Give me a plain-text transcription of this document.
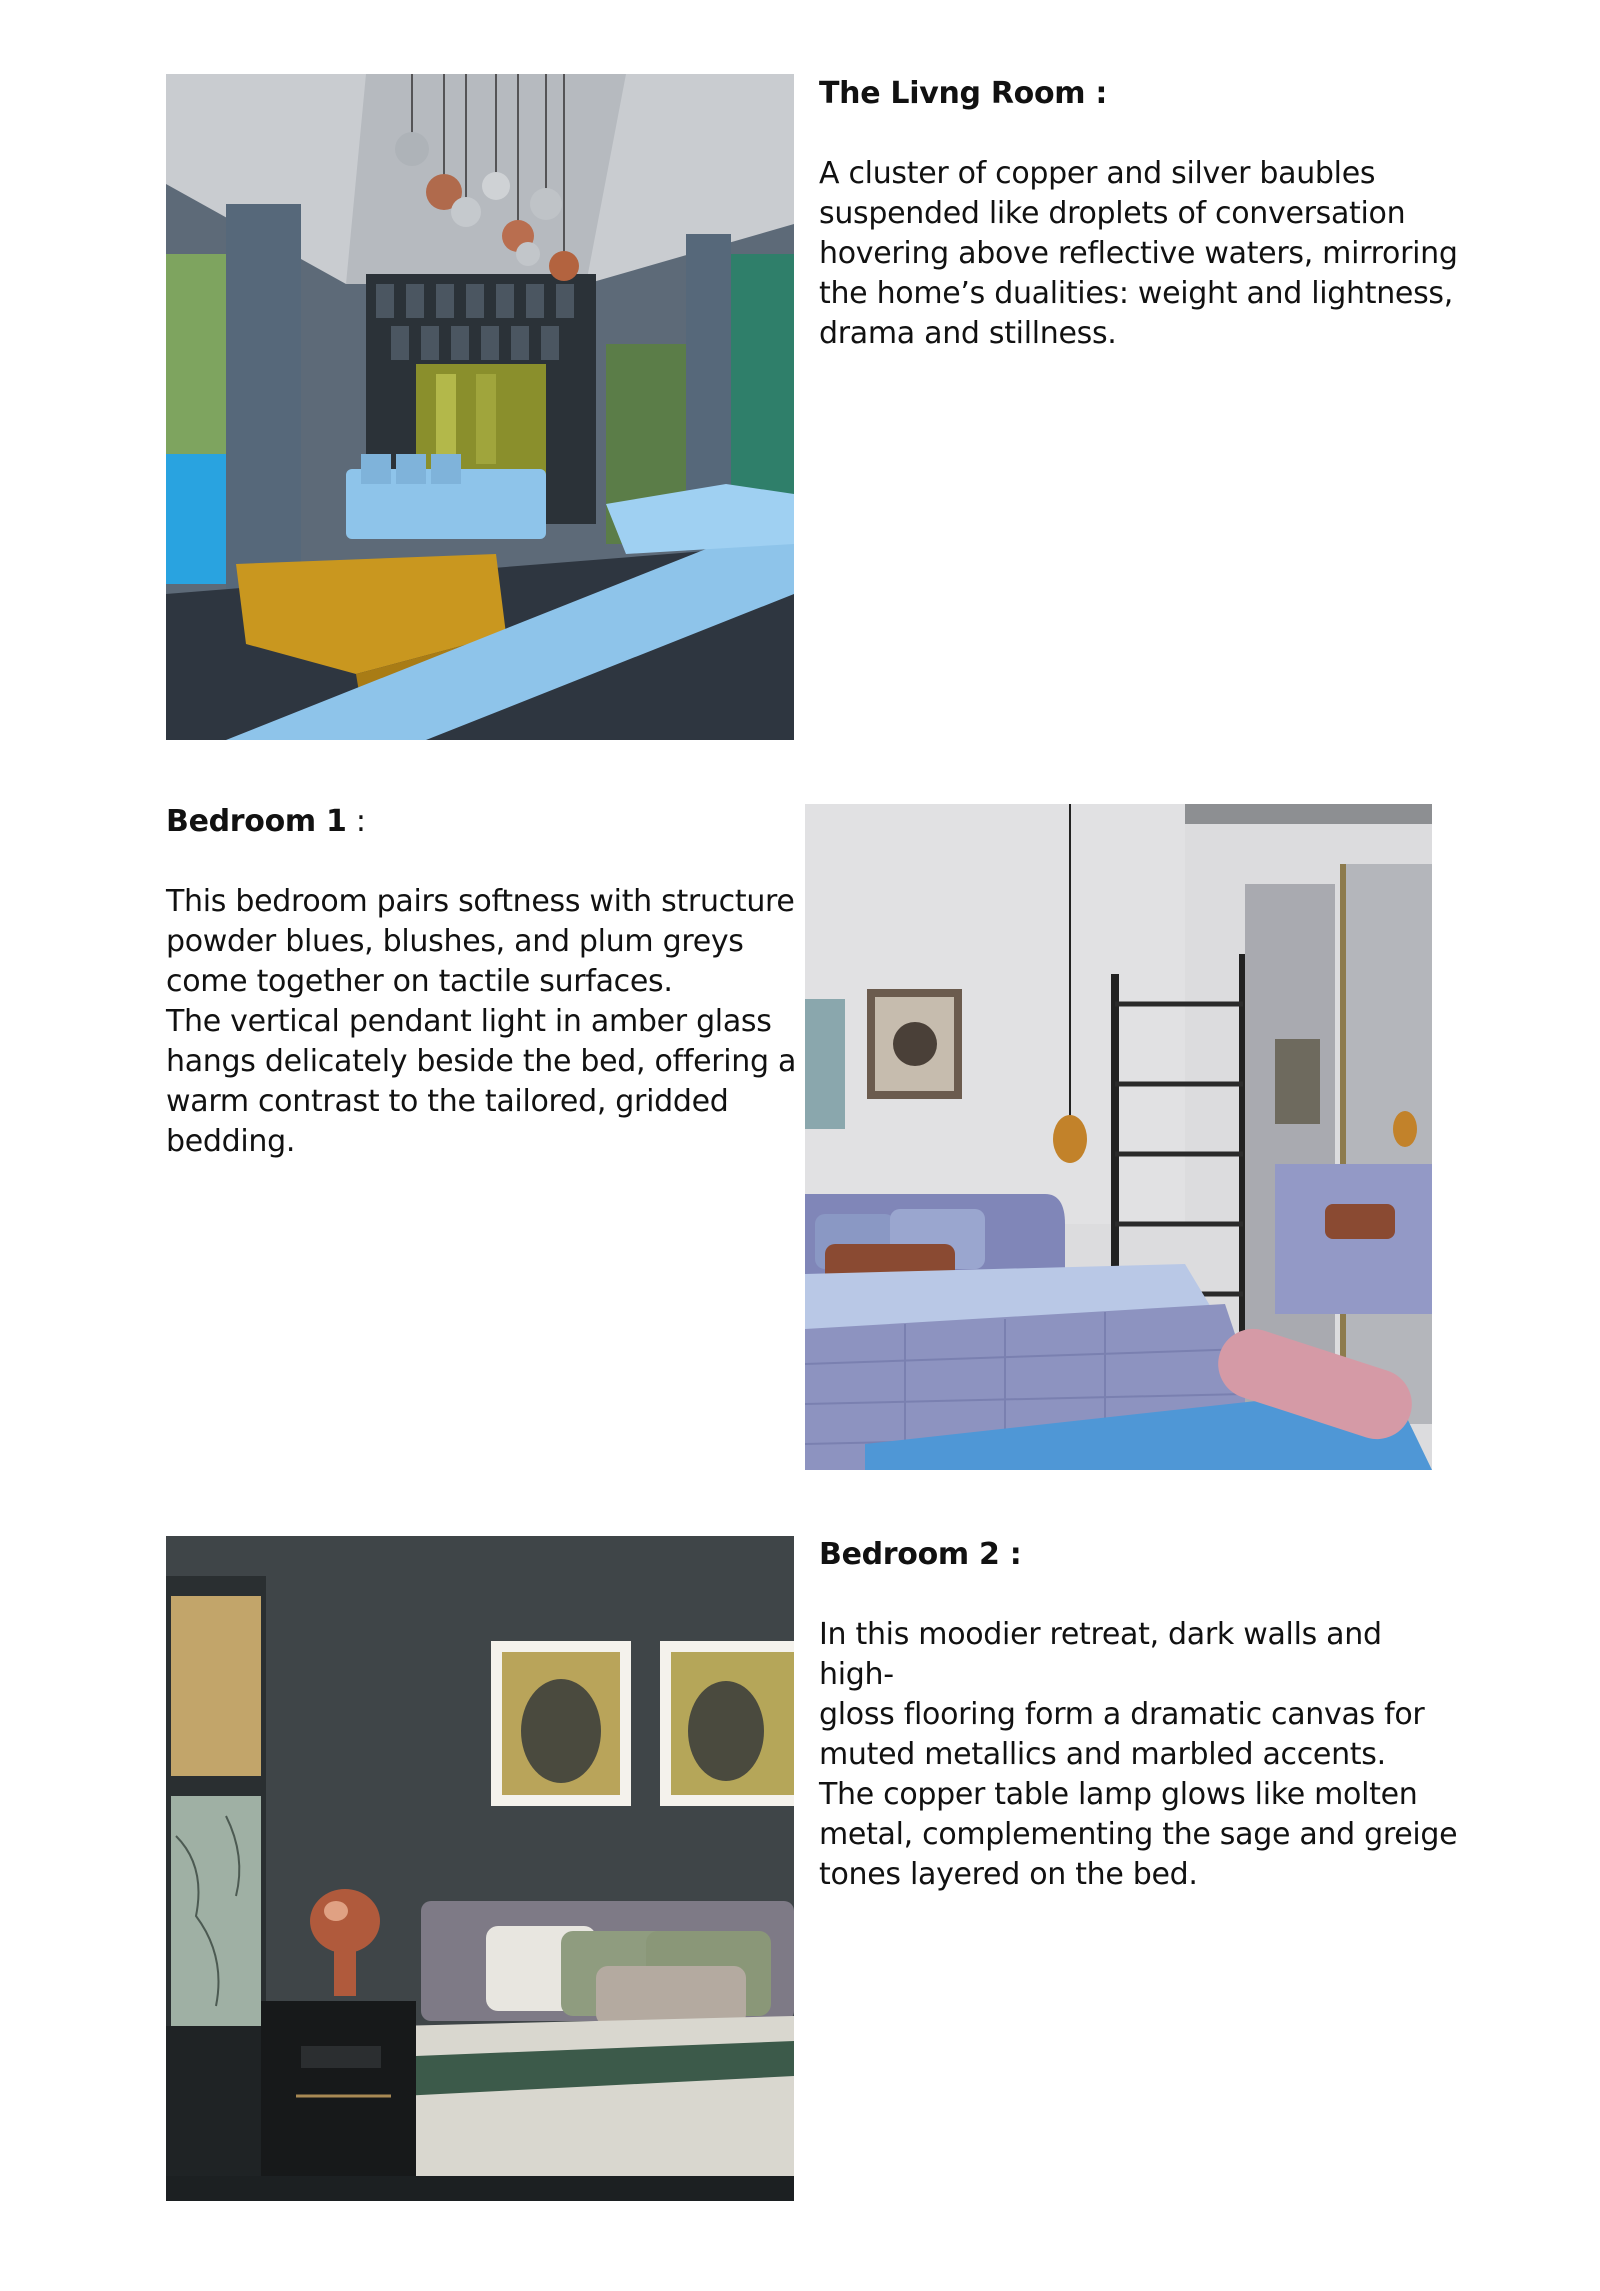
The Livng Room :

A cluster of copper and silver baubles
suspended like droplets of conversation
hovering above reflective waters, mirroring
the home’s dualities: weight and lightness,
drama and stillness.

Bedroom 1 :

This bedroom pairs softness with structure
powder blues, blushes, and plum greys
come together on tactile surfaces.
The vertical pendant light in amber glass
hangs delicately beside the bed, offering a
warm contrast to the tailored, gridded
bedding.

Bedroom 2 :

In this moodier retreat, dark walls and high-
gloss flooring form a dramatic canvas for
muted metallics and marbled accents.
The copper table lamp glows like molten
metal, complementing the sage and greige
tones layered on the bed.
